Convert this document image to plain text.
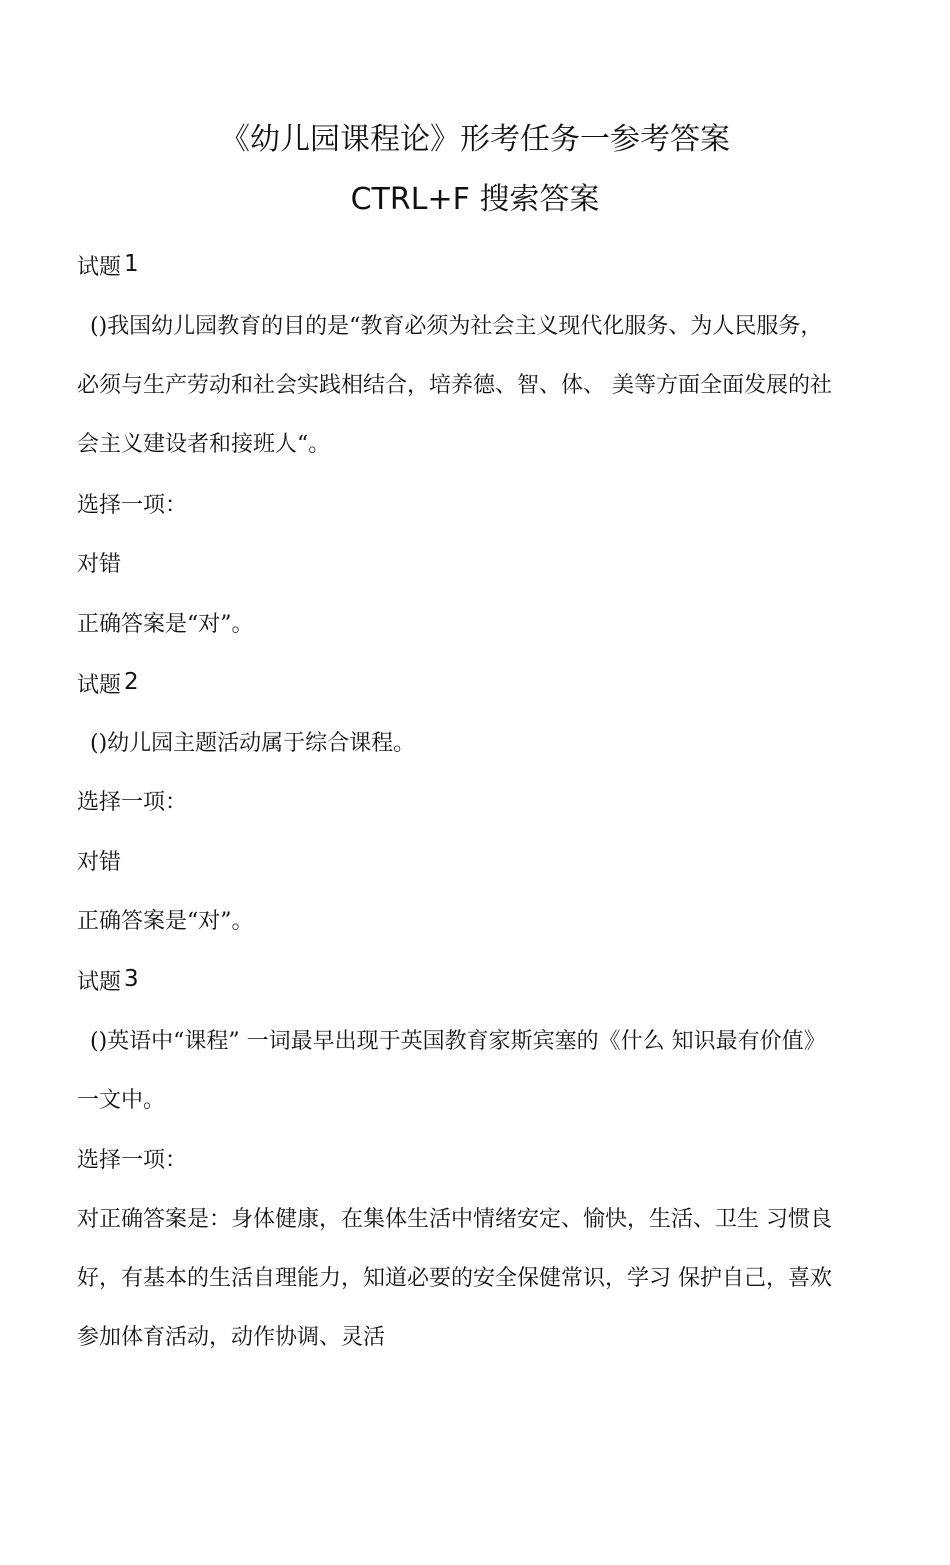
《幼儿园课程论》形考任务一参考答案
CTRL+F 搜索答案
试题 1
()我国幼儿园教育的目的是“教育必须为社会主义现代化服务、为人民服务，
必须与生产劳动和社会实践相结合，培养德、智、体、 美等方面全面发展的社
会主义建设者和接班人“。
选择一项：
对错
正确答案是“对”。
试题 2
()幼儿园主题活动属于综合课程。
选择一项：
对错
正确答案是“对”。
试题 3
()英语中“课程” 一词最早出现于英国教育家斯宾塞的《什么 知识最有价值》
一文中。
选择一项：
对正确答案是：身体健康，在集体生活中情绪安定、愉快，生活、卫生 习惯良
好，有基本的生活自理能力，知道必要的安全保健常识，学习 保护自己，喜欢
参加体育活动，动作协调、灵活
